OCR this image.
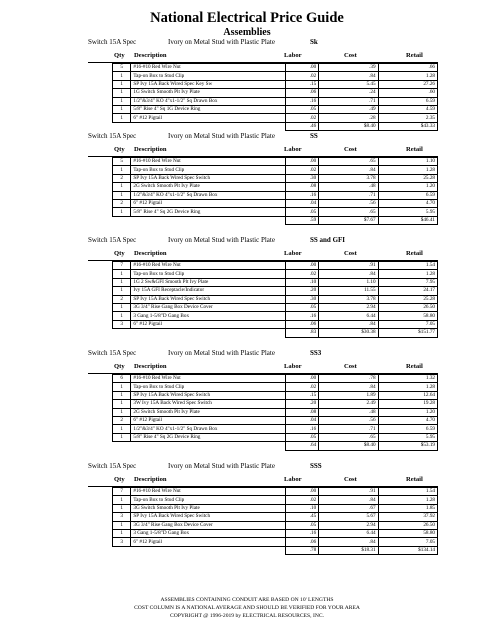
National Electrical Price Guide
Assemblies
Switch 15A Spec	Ivory on Metal Stud with Plastic Plate	Sk
Qty Description	Labor	Cost	Retail
5	#16-#10 Red Wire Nut	.00	.39	.66
1	Tap-on Box to Stud Clip	.02	.84	1.28
1	SP Ivy 15A Back Wired Spec Key Sw	.15	5.45	27.26
1	1G Switch Smooth Plt Ivy Plate	.06	.24	.60
1	1/2"&3/4" KO 4"x1-1/2" Sq Drawn Box	.16	.71	6.59
1	5/8" Rise 4" Sq 1G Device Ring	.05	.49	4.59
1	6" #12 Pigtail	.02	.28	2.35
		.46	$8.40	$43.33
Switch 15A Spec	Ivory on Metal Stud with Plastic Plate	SS
Qty Description	Labor	Cost	Retail
5	#16-#10 Red Wire Nut	.00	.65	1.10
1	Tap-on Box to Stud Clip	.02	.84	1.28
2	SP Ivy 15A Back Wired Spec Switch	.30	3.78	25.28
1	2G Switch Smooth Plt Ivy Plate	.08	.48	1.20
1	1/2"&3/4" KO 4"x1-1/2" Sq Drawn Box	.16	.71	6.59
2	6" #12 Pigtail	.04	.56	4.70
1	5/8" Rise 4" Sq 2G Device Ring	.05	.65	5.95
		.59	$7.67	$46.41
Switch 15A Spec	Ivory on Metal Stud with Plastic Plate	SS and GFI
Qty Description	Labor	Cost	Retail
7	#16-#10 Red Wire Nut	.00	.91	1.54
1	Tap-on Box to Stud Clip	.02	.84	1.28
1	1G 2 Sw&GFI Smooth Plt Ivy Plate	.10	1.10	7.95
1	Ivy 15A GFI Receptacle/Indicator	.20	11.55	24.17
2	SP Ivy 15A Back Wired Spec Switch	.30	3.78	25.28
1	3G 3/4" Rise Gang Box Device Cover	.05	2.94	26.50
1	3 Gang 1-5/8"D Gang Box	.16	6.44	58.80
3	6" #12 Pigtail	.06	.84	7.05
		.83	$30.38	$151.77
Switch 15A Spec	Ivory on Metal Stud with Plastic Plate	SS3
Qty Description	Labor	Cost	Retail
6	#16-#10 Red Wire Nut	.00	.78	1.32
1	Tap-on Box to Stud Clip	.02	.84	1.28
1	SP Ivy 15A Back Wired Spec Switch	.15	1.89	12.64
1	3W Ivy 15A Back Wired Spec Switch	.20	2.49	19.28
1	2G Switch Smooth Plt Ivy Plate	.08	.48	1.20
2	6" #12 Pigtail	.04	.56	4.70
1	1/2"&3/4" KO 4"x1-1/2" Sq Drawn Box	.16	.71	6.59
1	5/8" Rise 4" Sq 2G Device Ring	.05	.65	5.95
		.64	$8.40	$53.19
Switch 15A Spec	Ivory on Metal Stud with Plastic Plate	SSS
Qty Description	Labor	Cost	Retail
7	#16-#10 Red Wire Nut	.00	.91	1.54
1	Tap-on Box to Stud Clip	.02	.84	1.28
1	3G Switch Smooth Plt Ivy Plate	.10	.67	1.85
3	SP Ivy 15A Back Wired Spec Switch	.45	5.67	37.92
1	3G 3/4" Rise Gang Box Device Cover	.05	2.94	26.50
1	3 Gang 1-5/8"D Gang Box	.16	6.44	58.80
3	6" #12 Pigtail	.06	.84	7.05
		.78	$18.31	$134.14
ASSEMBLIES CONTAINING CONDUIT ARE BASED ON 10' LENGTHS
COST COLUMN IS A NATIONAL AVERAGE AND SHOULD BE VERIFIED FOR YOUR AREA
COPYRIGHT @ 1996-2019 by ELECTRICAL RESOURCES, INC.
